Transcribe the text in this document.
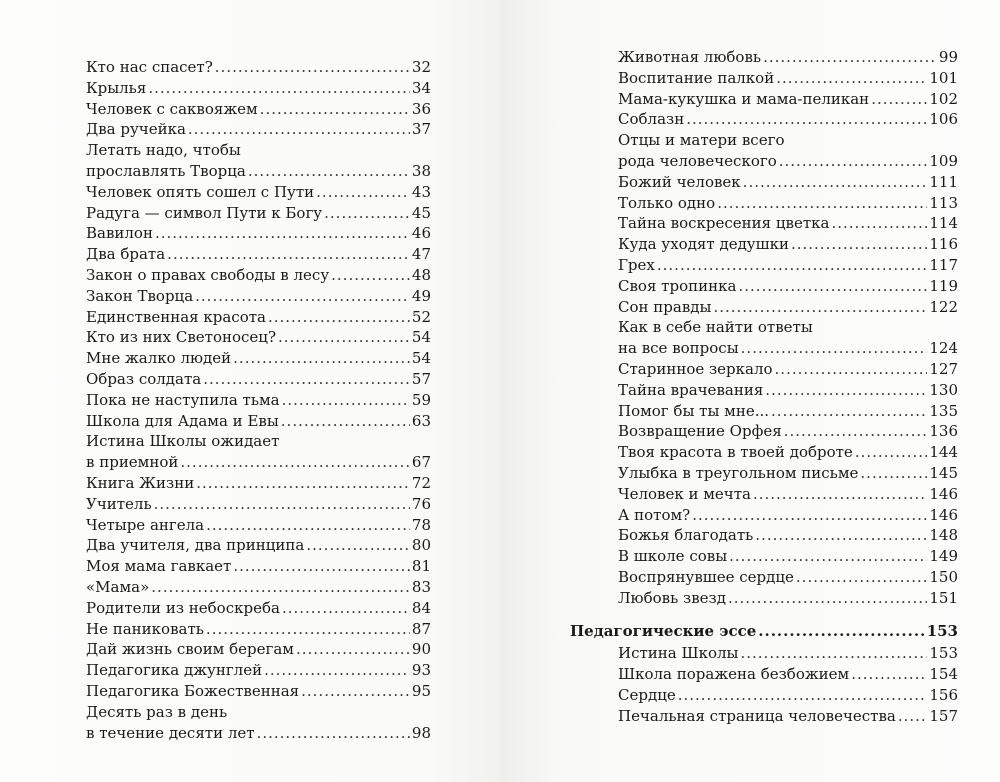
Кто нас спасет? .....	32
Крылья .....	34
Человек с саквояжем .....	36
Два ручейка .....	37
Летать надо, чтобы
прославлять Творца .....	38
Человек опять сошел с Пути .....	43
Радуга — символ Пути к Богу .....	45
Вавилон .....	46
Два брата .....	47
Закон о правах свободы в лесу .....	48
Закон Творца .....	49
Единственная красота .....	52
Кто из них Светоносец? .....	54
Мне жалко людей .....	54
Образ солдата .....	57
Пока не наступила тьма .....	59
Школа для Адама и Евы .....	63
Истина Школы ожидает
в приемной .....	67
Книга Жизни .....	72
Учитель .....	76
Четыре ангела .....	78
Два учителя, два принципа .....	80
Моя мама гавкает .....	81
«Мама» .....	83
Родители из небоскреба .....	84
Не паниковать .....	87
Дай жизнь своим берегам .....	90
Педагогика джунглей .....	93
Педагогика Божественная .....	95
Десять раз в день
в течение десяти лет .....	98
Животная любовь .....	99
Воспитание палкой .....	101
Мама-кукушка и мама-пеликан .....	102
Соблазн .....	106
Отцы и матери всего
рода человеческого .....	109
Божий человек .....	111
Только одно .....	113
Тайна воскресения цветка .....	114
Куда уходят дедушки .....	116
Грех .....	117
Своя тропинка .....	119
Сон правды .....	122
Как в себе найти ответы
на все вопросы .....	124
Старинное зеркало .....	127
Тайна врачевания .....	130
Помог бы ты мне... .....	135
Возвращение Орфея .....	136
Твоя красота в твоей доброте .....	144
Улыбка в треугольном письме .....	145
Человек и мечта .....	146
А потом? .....	146
Божья благодать .....	148
В школе совы .....	149
Воспрянувшее сердце .....	150
Любовь звезд .....	151
Педагогические эссе .....	153
Истина Школы .....	153
Школа поражена безбожием .....	154
Сердце .....	156
Печальная страница человечества ..... 157
